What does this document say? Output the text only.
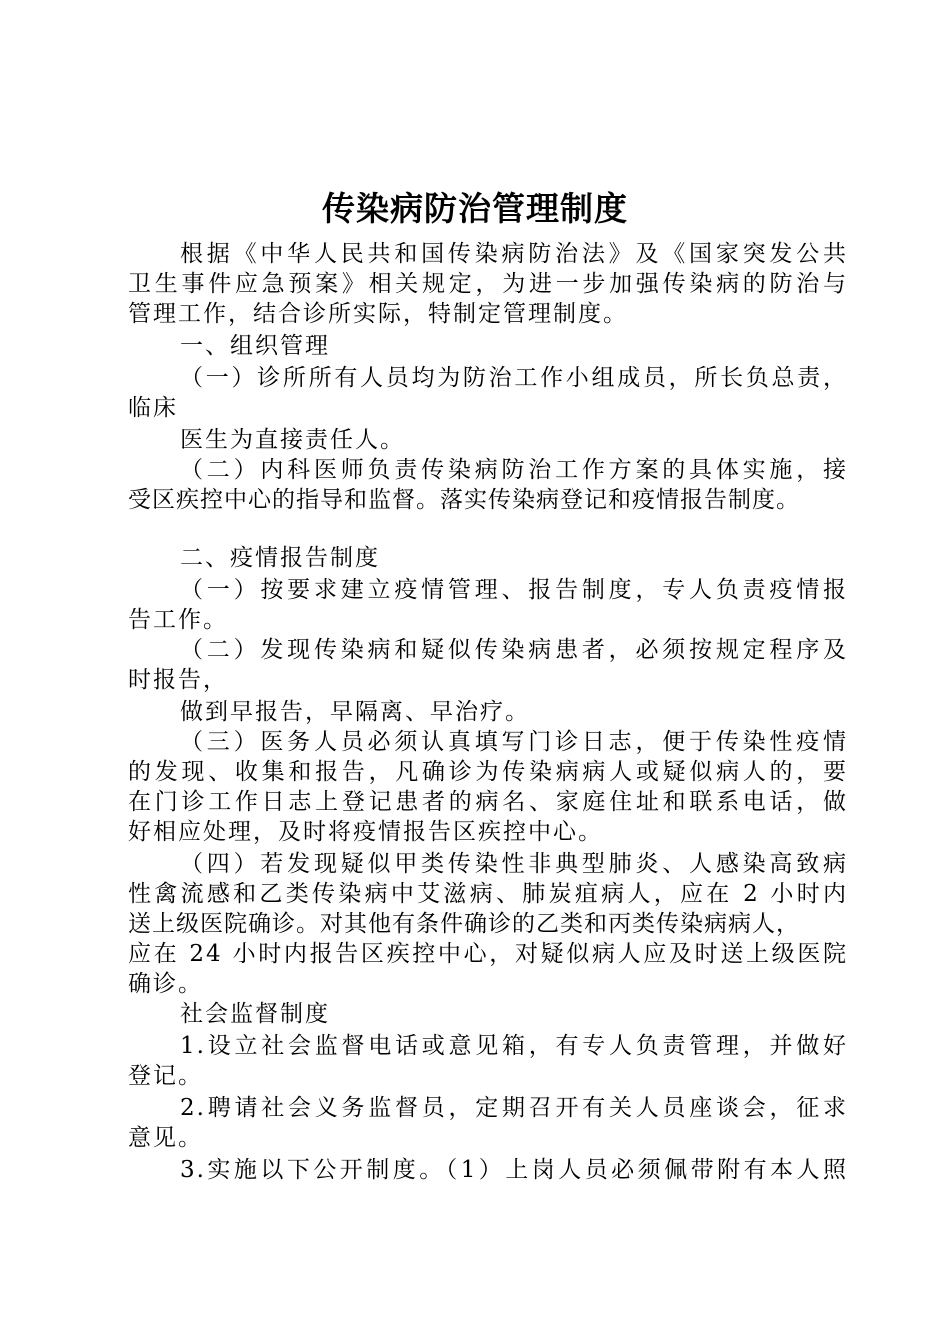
传染病防治管理制度
根据《中华人民共和国传染病防治法》及《国家突发公共
卫生事件应急预案》相关规定，为进一步加强传染病的防治与
管理工作，结合诊所实际，特制定管理制度。
一、组织管理
（一）诊所所有人员均为防治工作小组成员，所长负总责，
临床
医生为直接责任人。
（二）内科医师负责传染病防治工作方案的具体实施，接
受区疾控中心的指导和监督。落实传染病登记和疫情报告制度。
二、疫情报告制度
（一）按要求建立疫情管理、报告制度，专人负责疫情报
告工作。
（二）发现传染病和疑似传染病患者，必须按规定程序及
时报告，
做到早报告，早隔离、早治疗。
（三）医务人员必须认真填写门诊日志，便于传染性疫情
的发现、收集和报告，凡确诊为传染病病人或疑似病人的，要
在门诊工作日志上登记患者的病名、家庭住址和联系电话，做
好相应处理，及时将疫情报告区疾控中心。
（四）若发现疑似甲类传染性非典型肺炎、人感染高致病
性禽流感和乙类传染病中艾滋病、肺炭疽病人，应在 2 小时内
送上级医院确诊。对其他有条件确诊的乙类和丙类传染病病人，
应在 24 小时内报告区疾控中心，对疑似病人应及时送上级医院
确诊。
社会监督制度
1.设立社会监督电话或意见箱，有专人负责管理，并做好
登记。
2.聘请社会义务监督员，定期召开有关人员座谈会，征求
意见。
3.实施以下公开制度。（1）上岗人员必须佩带附有本人照
